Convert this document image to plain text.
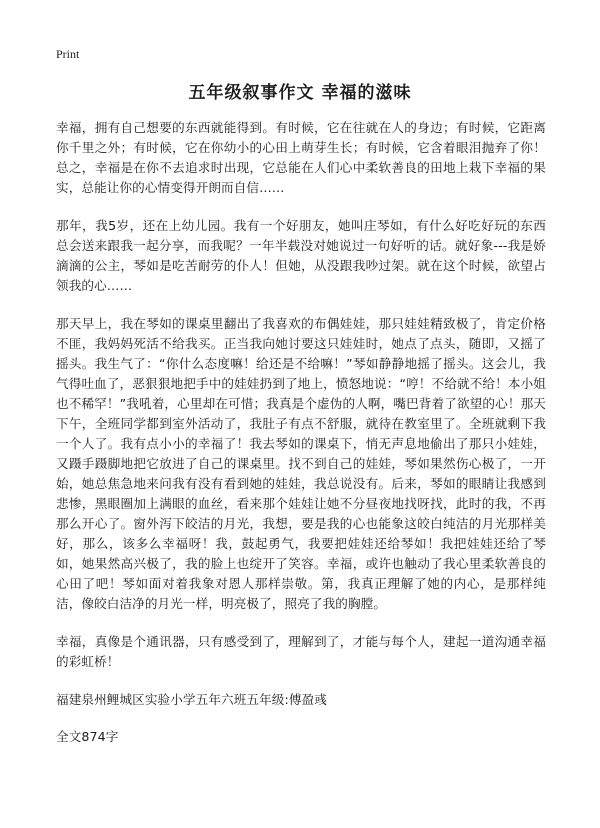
Print
五年级叙事作文 幸福的滋味

幸福，拥有自己想要的东西就能得到。有时候，它在往就在人的身边；有时候，它距离你千里之外；有时候，它在你幼小的心田上萌芽生长；有时候，它含着眼泪抛弃了你！总之，幸福是在你不去追求时出现，它总能在人们心中柔软善良的田地上栽下幸福的果实，总能让你的心情变得开朗而自信……

那年，我5岁，还在上幼儿园。我有一个好朋友，她叫庄琴如，有什么好吃好玩的东西总会送来跟我一起分享，而我呢？一年半载没对她说过一句好听的话。就好象---我是娇滴滴的公主，琴如是吃苦耐劳的仆人！但她，从没跟我吵过架。就在这个时候，欲望占领我的心……

那天早上，我在琴如的课桌里翻出了我喜欢的布偶娃娃，那只娃娃精致极了，肯定价格不匪，我妈妈死活不给我买。正当我向她讨要这只娃娃时，她点了点头，随即，又摇了摇头。我生气了：“你什么态度嘛！给还是不给嘛！”琴如静静地摇了摇头。这会儿，我气得吐血了，恶狠狠地把手中的娃娃扔到了地上，愤怒地说：“哼！不给就不给！本小姐也不稀罕！”我吼着，心里却在可惜；我真是个虚伪的人啊，嘴巴背着了欲望的心！那天下午，全班同学都到室外活动了，我肚子有点不舒服，就待在教室里了。全班就剩下我一个人了。我有点小小的幸福了！我去琴如的课桌下，悄无声息地偷出了那只小娃娃，又蹑手蹑脚地把它放进了自己的课桌里。找不到自己的娃娃，琴如果然伤心极了，一开始，她总焦急地来问我有没有看到她的娃娃，我总说没有。后来，琴如的眼睛让我感到悲惨，黑眼圈加上满眼的血丝，看来那个娃娃让她不分昼夜地找呀找，此时的我，不再那么开心了。窗外泻下皎洁的月光，我想，要是我的心也能象这皎白纯洁的月光那样美好，那么，该多么幸福呀！我，鼓起勇气，我要把娃娃还给琴如！我把娃娃还给了琴如，她果然高兴极了，我的脸上也绽开了笑容。幸福，或许也触动了我心里柔软善良的心田了吧！琴如面对着我象对恩人那样崇敬。第，我真正理解了她的内心，是那样纯洁，像皎白洁净的月光一样，明亮极了，照亮了我的胸膛。

幸福，真像是个通讯器，只有感受到了，理解到了，才能与每个人，建起一道沟通幸福的彩虹桥！

福建泉州鲤城区实验小学五年六班五年级:傅盈彧

全文874字
